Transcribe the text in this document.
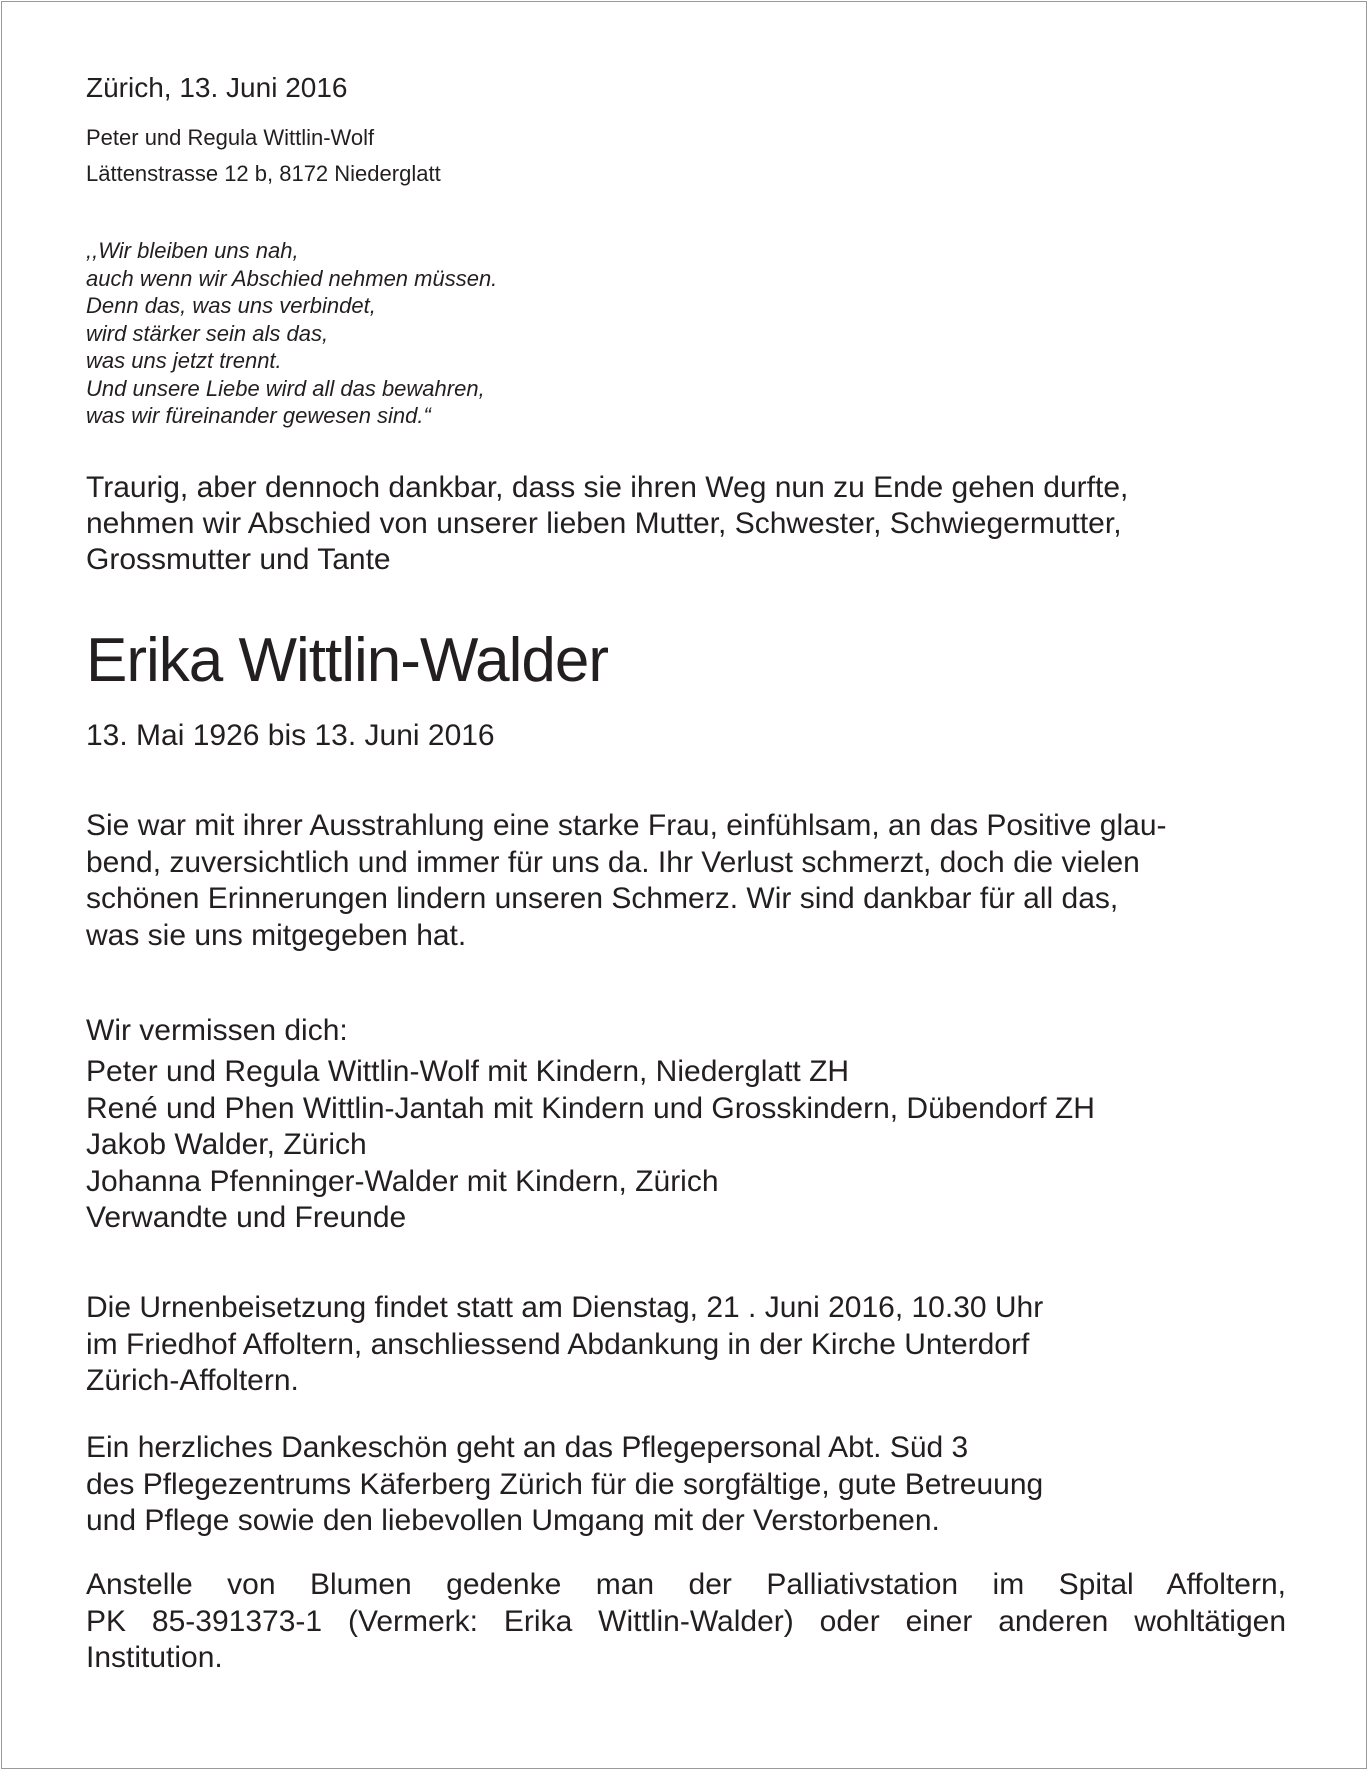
Zürich, 13. Juni 2016
Peter und Regula Wittlin-Wolf
Lättenstrasse 12 b, 8172 Niederglatt
,,Wir bleiben uns nah,
auch wenn wir Abschied nehmen müssen.
Denn das, was uns verbindet,
wird stärker sein als das,
was uns jetzt trennt.
Und unsere Liebe wird all das bewahren,
was wir füreinander gewesen sind.“
Traurig, aber dennoch dankbar, dass sie ihren Weg nun zu Ende gehen durfte,
nehmen wir Abschied von unserer lieben Mutter, Schwester, Schwiegermutter,
Grossmutter und Tante
Erika Wittlin-Walder
13. Mai 1926 bis 13. Juni 2016
Sie war mit ihrer Ausstrahlung eine starke Frau, einfühlsam, an das Positive glau-
bend, zuversichtlich und immer für uns da. Ihr Verlust schmerzt, doch die vielen
schönen Erinnerungen lindern unseren Schmerz. Wir sind dankbar für all das,
was sie uns mitgegeben hat.
Wir vermissen dich:
Peter und Regula Wittlin-Wolf mit Kindern, Niederglatt ZH
René und Phen Wittlin-Jantah mit Kindern und Grosskindern, Dübendorf ZH
Jakob Walder, Zürich
Johanna Pfenninger-Walder mit Kindern, Zürich
Verwandte und Freunde
Die Urnenbeisetzung findet statt am Dienstag, 21 . Juni 2016, 10.30 Uhr
im Friedhof Affoltern, anschliessend Abdankung in der Kirche Unterdorf
Zürich-Affoltern.
Ein herzliches Dankeschön geht an das Pflegepersonal Abt. Süd 3
des Pflegezentrums Käferberg Zürich für die sorgfältige, gute Betreuung
und Pflege sowie den liebevollen Umgang mit der Verstorbenen.
Anstelle von Blumen gedenke man der Palliativstation im Spital Affoltern,
PK 85-391373-1 (Vermerk: Erika Wittlin-Walder) oder einer anderen wohltätigen
Institution.
